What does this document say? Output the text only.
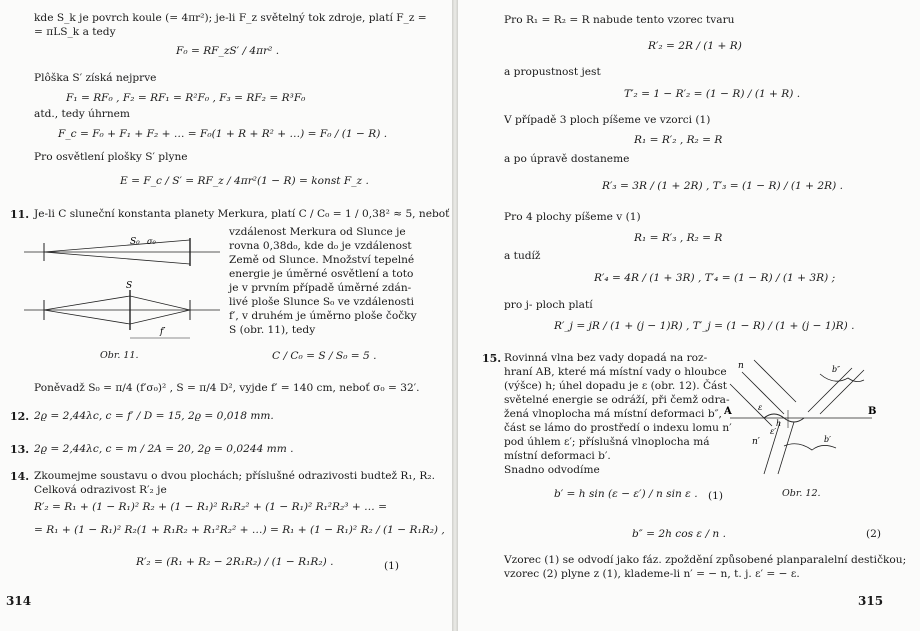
kde S_k je povrch koule (= 4πr²); je-li F_z světelný tok zdroje, platí F_z =
= πLS_k a tedy
F₀ = RF_zS′ / 4πr² .
Plôška S′ získá nejprve
F₁ = RF₀ , F₂ = RF₁ = R²F₀ , F₃ = RF₂ = R³F₀
atd., tedy úhrnem
F_c = F₀ + F₁ + F₂ + … = F₀(1 + R + R² + …) = F₀ / (1 − R) .
Pro osvětlení plošky S′ plyne
E = F_c / S′ = RF_z / 4πr²(1 − R) = konst F_z .
11. Je-li C sluneční konstanta planety Merkura, platí C / C₀ = 1 / 0,38² ≈ 5, neboť
S₀ σ₀
S
f′
Obr. 11.
vzdálenost Merkura od Slunce je
rovna 0,38d₀, kde d₀ je vzdálenost
Země od Slunce. Množství tepelné
energie je úměrné osvětlení a toto
je v prvním případě úměrné zdán-
livé ploše Slunce S₀ ve vzdálenosti
f′, v druhém je úměrno ploše čočky
S (obr. 11), tedy
C / C₀ = S / S₀ = 5 .
Poněvadž S₀ = π/4 (f′σ₀)² , S = π/4 D², vyjde f′ = 140 cm, neboť σ₀ = 32′.
12. 2ϱ = 2,44λc, c = f′ / D = 15, 2ϱ = 0,018 mm.
13. 2ϱ = 2,44λc, c = m / 2A = 20, 2ϱ = 0,0244 mm .
14. Zkoumejme soustavu o dvou plochách; příslušné odrazivosti budtež R₁, R₂.
Celková odrazivost R′₂ je
R′₂ = R₁ + (1 − R₁)² R₂ + (1 − R₁)² R₁R₂² + (1 − R₁)² R₁²R₂³ + … =
= R₁ + (1 − R₁)² R₂(1 + R₁R₂ + R₁²R₂² + …) = R₁ + (1 − R₁)² R₂ / (1 − R₁R₂) ,
R′₂ = (R₁ + R₂ − 2R₁R₂) / (1 − R₁R₂) .	(1)
314
Pro R₁ = R₂ = R nabude tento vzorec tvaru
R′₂ = 2R / (1 + R)
a propustnost jest
T′₂ = 1 − R′₂ = (1 − R) / (1 + R) .
V případě 3 ploch píšeme ve vzorci (1)
R₁ = R′₂ , R₂ = R
a po úpravě dostaneme
R′₃ = 3R / (1 + 2R) , T′₃ = (1 − R) / (1 + 2R) .
Pro 4 plochy píšeme v (1)
R₁ = R′₃ , R₂ = R
a tudíž
R′₄ = 4R / (1 + 3R) , T′₄ = (1 − R) / (1 + 3R) ;
pro j- ploch platí
R′_j = jR / (1 + (j − 1)R) , T′_j = (1 − R) / (1 + (j − 1)R) .
15. Rovinná vlna bez vady dopadá na roz-
hraní AB, které má místní vady o hloubce
(výšce) h; úhel dopadu je ε (obr. 12). Část
světelné energie se odráží, při čemž odra-
žená vlnoplocha má místní deformaci b″,
část se lámo do prostředí o indexu lomu n′
pod úhlem ε′; příslušná vlnoplocha má
místní deformaci b′.
Snadno odvodíme
n
A	B
ε
h
ε′
n′	b′
b″
Obr. 12.
b′ = h sin (ε − ε′) / n sin ε . (1)
b″ = 2h cos ε / n .	(2)
Vzorec (1) se odvodí jako fáz. zpoždění způsobené planparalelní destičkou;
vzorec (2) plyne z (1), klademe-li n′ = − n, t. j. ε′ = − ε.
315
